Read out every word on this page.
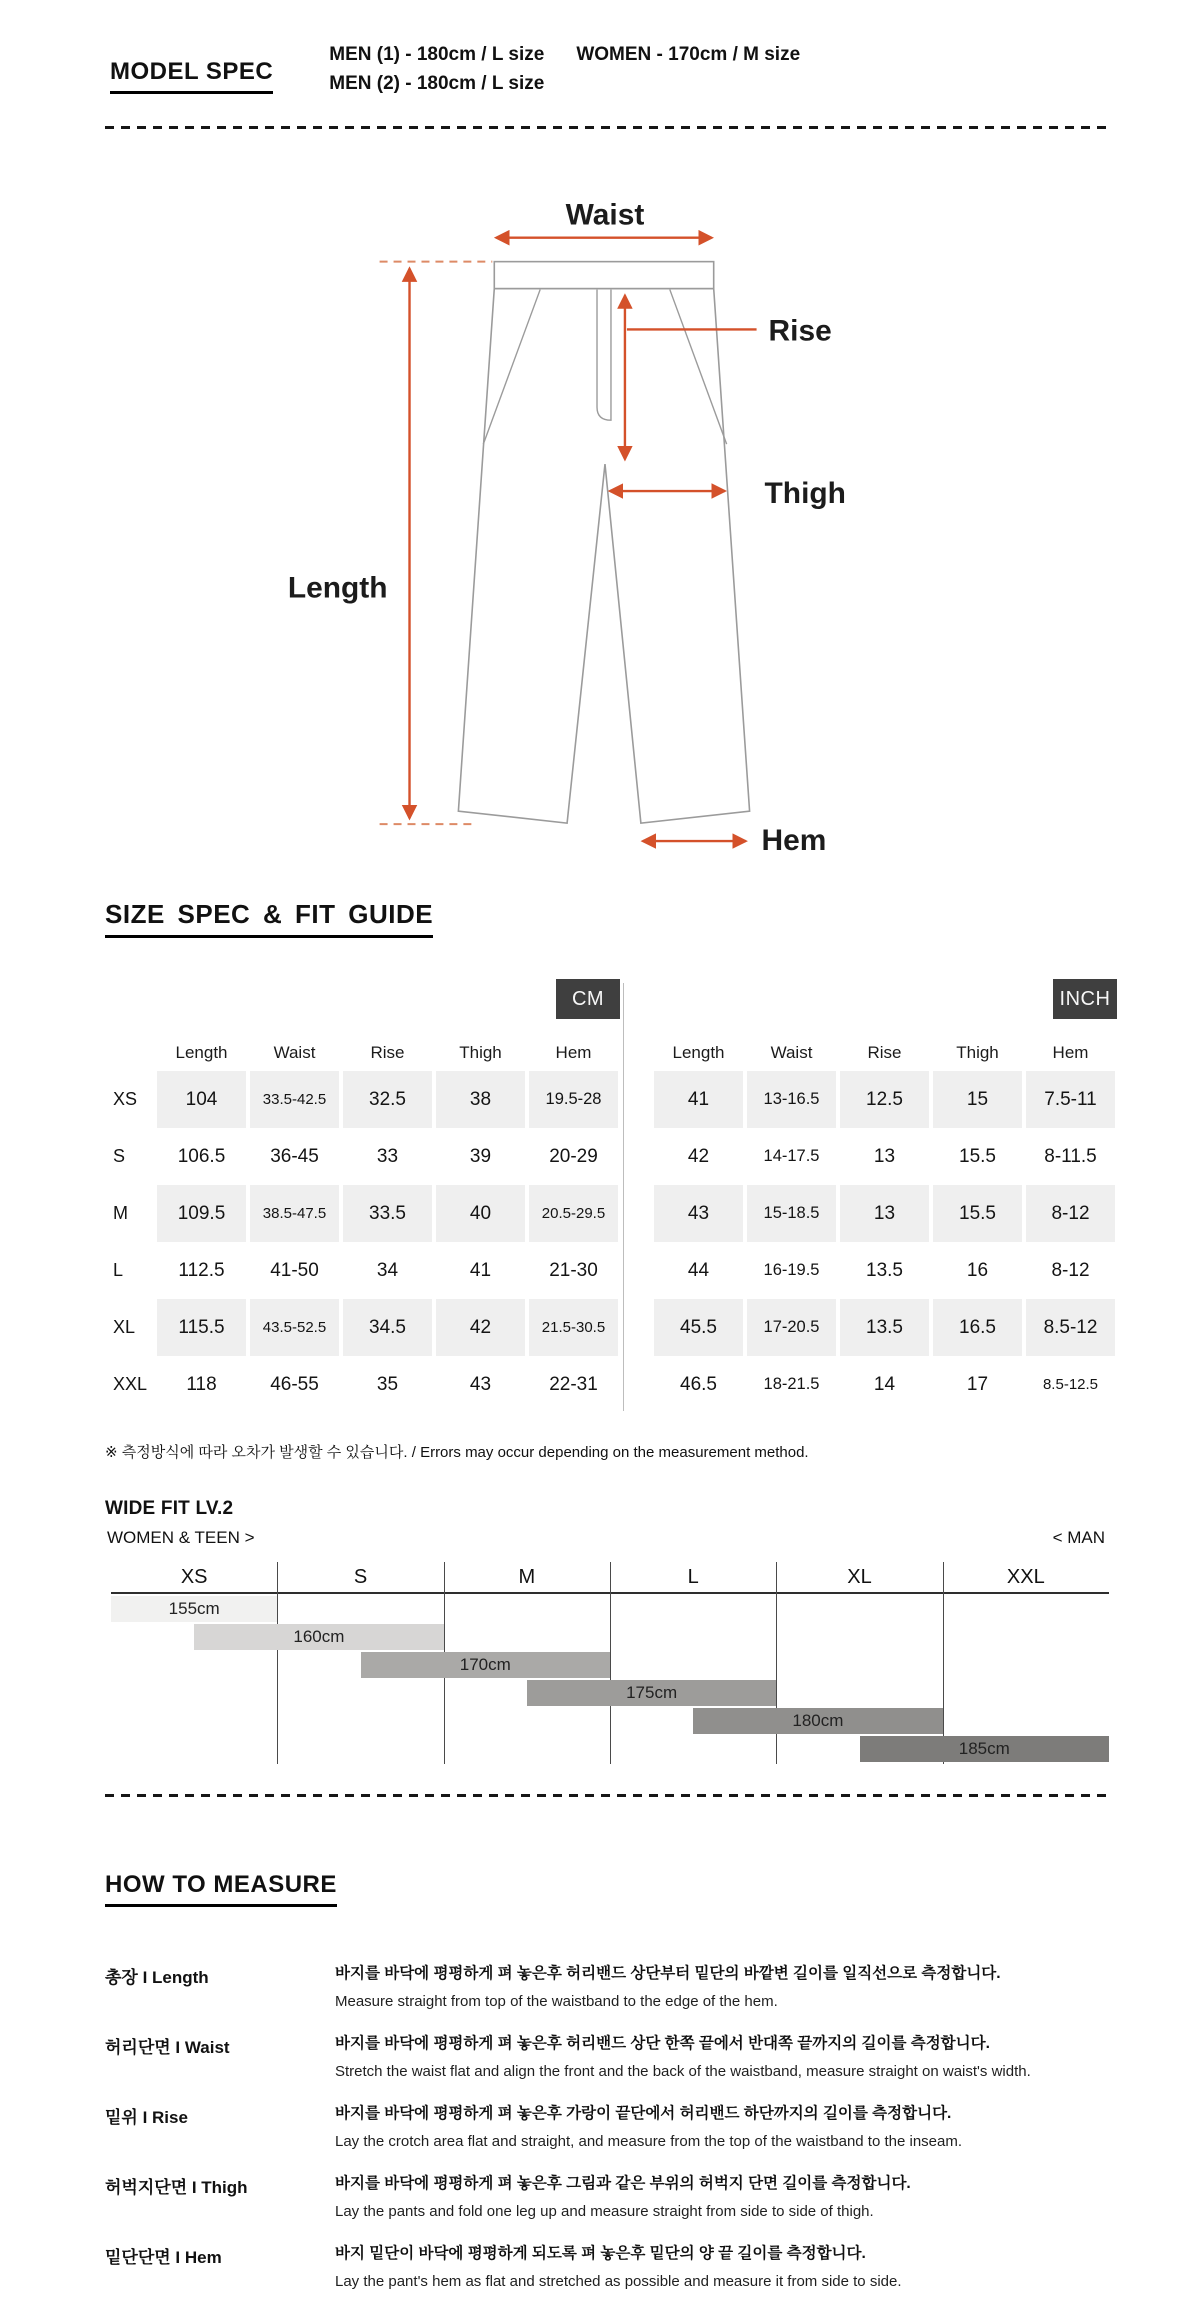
MODEL SPEC
MEN (1) - 180cm / L size
MEN (2) - 180cm / L size
WOMEN - 170cm / M size
Waist
Rise
Thigh
Length
Hem
SIZE SPEC & FIT GUIDE
CM
Length	Waist	Rise	Thigh	Hem
XS	104	33.5-42.5	32.5	38	19.5-28
S	106.5	36-45	33	39	20-29
M	109.5	38.5-47.5	33.5	40	20.5-29.5
L	112.5	41-50	34	41	21-30
XL	115.5	43.5-52.5	34.5	42	21.5-30.5
XXL	118	46-55	35	43	22-31
INCH
Length	Waist	Rise	Thigh	Hem
41	13-16.5	12.5	15	7.5-11
42	14-17.5	13	15.5	8-11.5
43	15-18.5	13	15.5	8-12
44	16-19.5	13.5	16	8-12
45.5	17-20.5	13.5	16.5	8.5-12
46.5	18-21.5	14	17	8.5-12.5

※ 측정방식에 따라 오차가 발생할 수 있습니다. / Errors may occur depending on the measurement method.

WIDE FIT LV.2
WOMEN & TEEN >	< MAN
XS	S	M	L	XL	XXL
155cm
160cm
170cm
175cm
180cm
185cm
HOW TO MEASURE
총장 I Length	바지를 바닥에 평평하게 펴 놓은후 허리밴드 상단부터 밑단의 바깥변 길이를 일직선으로 측정합니다.

Measure straight from top of the waistband to the edge of the hem.

허리단면 I Waist	바지를 바닥에 평평하게 펴 놓은후 허리밴드 상단 한쪽 끝에서 반대쪽 끝까지의 길이를 측정합니다.

Stretch the waist flat and align the front and the back of the waistband, measure straight on waist's width.

밑위 I Rise	바지를 바닥에 평평하게 펴 놓은후 가랑이 끝단에서 허리밴드 하단까지의 길이를 측정합니다.

Lay the crotch area flat and straight, and measure from the top of the waistband to the inseam.

허벅지단면 I Thigh	바지를 바닥에 평평하게 펴 놓은후 그림과 같은 부위의 허벅지 단면 길이를 측정합니다.

Lay the pants and fold one leg up and measure straight from side to side of thigh.

밑단단면 I Hem	바지 밑단이 바닥에 평평하게 되도록 펴 놓은후 밑단의 양 끝 길이를 측정합니다.

Lay the pant's hem as flat and stretched as possible and measure it from side to side.
